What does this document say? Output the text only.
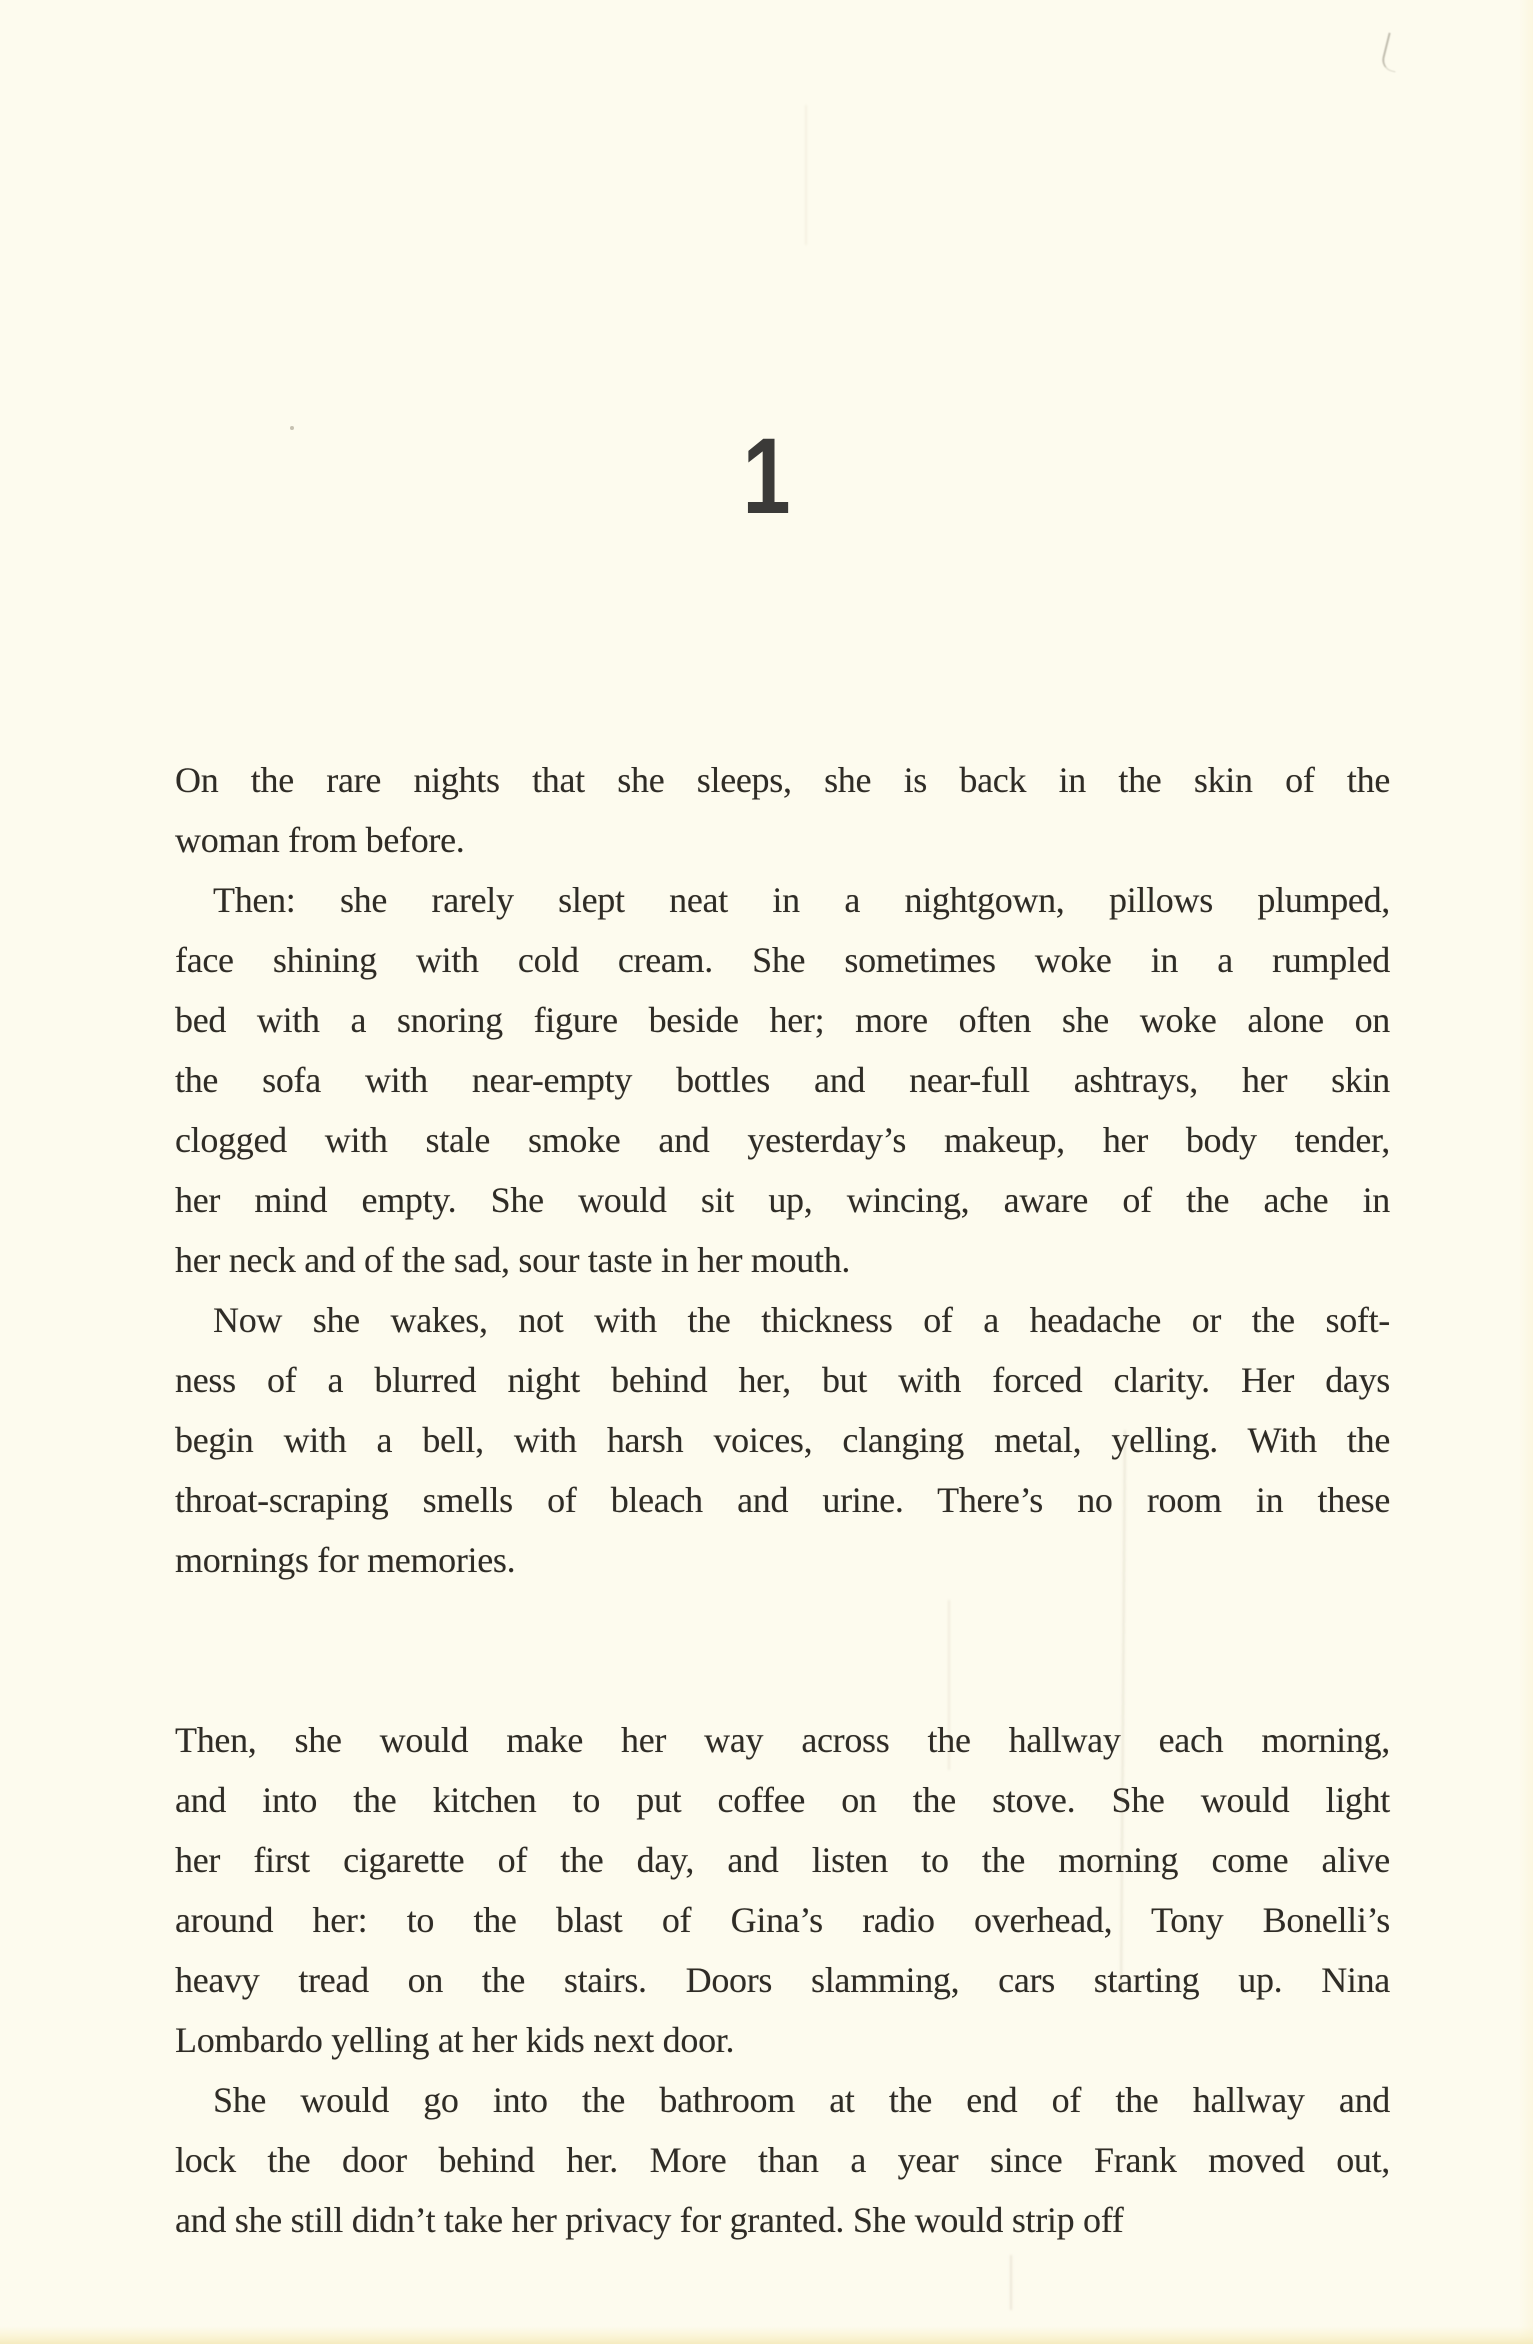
1
On the rare nights that she sleeps, she is back in the skin of the
woman from before.
Then: she rarely slept neat in a nightgown, pillows plumped,
face shining with cold cream. She sometimes woke in a rumpled
bed with a snoring figure beside her; more often she woke alone on
the sofa with near-empty bottles and near-full ashtrays, her skin
clogged with stale smoke and yesterday’s makeup, her body tender,
her mind empty. She would sit up, wincing, aware of the ache in
her neck and of the sad, sour taste in her mouth.
Now she wakes, not with the thickness of a headache or the soft-
ness of a blurred night behind her, but with forced clarity. Her days
begin with a bell, with harsh voices, clanging metal, yelling. With the
throat-scraping smells of bleach and urine. There’s no room in these
mornings for memories.
Then, she would make her way across the hallway each morning,
and into the kitchen to put coffee on the stove. She would light
her first cigarette of the day, and listen to the morning come alive
around her: to the blast of Gina’s radio overhead, Tony Bonelli’s
heavy tread on the stairs. Doors slamming, cars starting up. Nina
Lombardo yelling at her kids next door.
She would go into the bathroom at the end of the hallway and
lock the door behind her. More than a year since Frank moved out,
and she still didn’t take her privacy for granted. She would strip off
